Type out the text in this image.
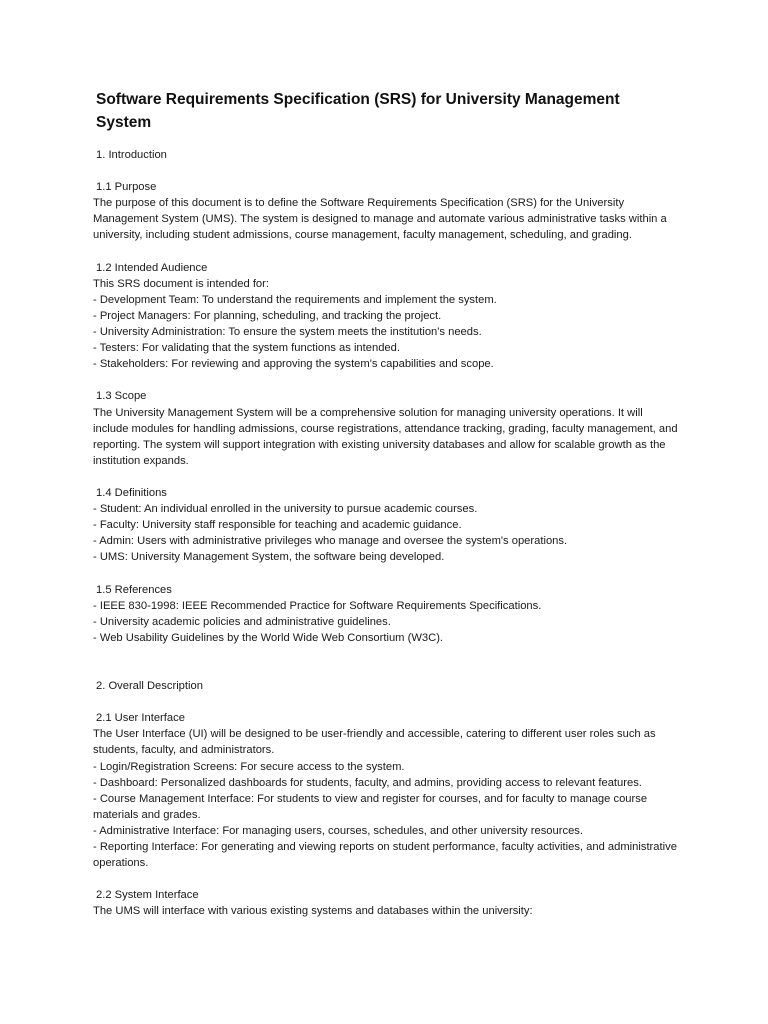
Software Requirements Specification (SRS) for University Management System
1. Introduction
1.1 Purpose
The purpose of this document is to define the Software Requirements Specification (SRS) for the University Management System (UMS). The system is designed to manage and automate various administrative tasks within a university, including student admissions, course management, faculty management, scheduling, and grading.
1.2 Intended Audience
This SRS document is intended for:
- Development Team: To understand the requirements and implement the system.
- Project Managers: For planning, scheduling, and tracking the project.
- University Administration: To ensure the system meets the institution's needs.
- Testers: For validating that the system functions as intended.
- Stakeholders: For reviewing and approving the system's capabilities and scope.
1.3 Scope
The University Management System will be a comprehensive solution for managing university operations. It will include modules for handling admissions, course registrations, attendance tracking, grading, faculty management, and reporting. The system will support integration with existing university databases and allow for scalable growth as the institution expands.
1.4 Definitions
- Student: An individual enrolled in the university to pursue academic courses.
- Faculty: University staff responsible for teaching and academic guidance.
- Admin: Users with administrative privileges who manage and oversee the system's operations.
- UMS: University Management System, the software being developed.
1.5 References
- IEEE 830-1998: IEEE Recommended Practice for Software Requirements Specifications.
- University academic policies and administrative guidelines.
- Web Usability Guidelines by the World Wide Web Consortium (W3C).
2. Overall Description
2.1 User Interface
The User Interface (UI) will be designed to be user-friendly and accessible, catering to different user roles such as students, faculty, and administrators.
- Login/Registration Screens: For secure access to the system.
- Dashboard: Personalized dashboards for students, faculty, and admins, providing access to relevant features.
- Course Management Interface: For students to view and register for courses, and for faculty to manage course materials and grades.
- Administrative Interface: For managing users, courses, schedules, and other university resources.
- Reporting Interface: For generating and viewing reports on student performance, faculty activities, and administrative operations.
2.2 System Interface
The UMS will interface with various existing systems and databases within the university:
